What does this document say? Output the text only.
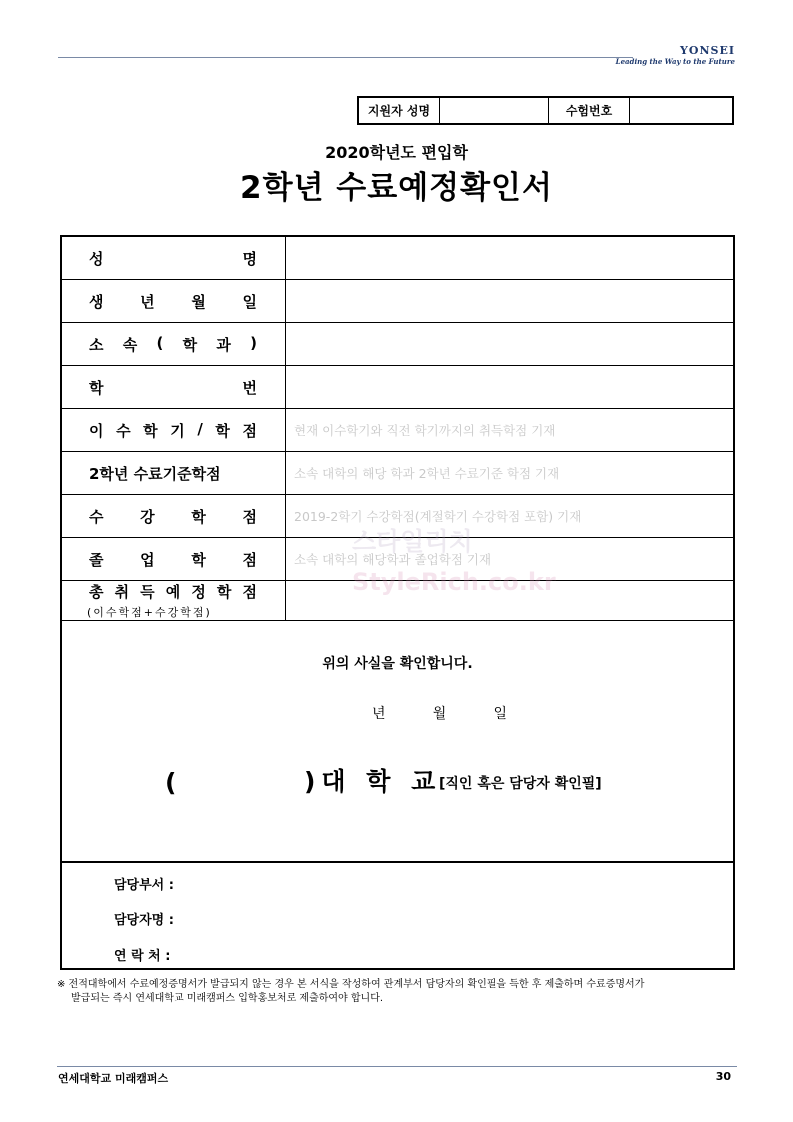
YONSEI
Leading the Way to the Future
지원자 성명	수험번호
2020학년도 편입학
2학년 수료예정확인서
성	명
생 년 월 일
소 속 ( 학 과 )
학	번
이 수 학 기 / 학 점	현재 이수학기와 직전 학기까지의 취득학점 기재
2학년 수료기준학점	소속 대학의 해당 학과 2학년 수료기준 학점 기재
수 강 학 점	2019-2학기 수강학점(계절학기 수강학점 포함) 기재
졸 업 학 점	소속 대학의 해당학과 졸업학점 기재
총 취 득 예 정 학 점
(이수학점+수강학점)
스타일리치
StyleRich.co.kr
위의 사실을 확인합니다.
년	월	일
(	)대 학 교
[직인 혹은 담당자 확인필]
담당부서 :
담당자명 :
연 락 처 :
※ 전적대학에서 수료예정증명서가 발급되지 않는 경우 본 서식을 작성하여 관계부서 담당자의 확인필을 득한 후 제출하며 수료증명서가
발급되는 즉시 연세대학교 미래캠퍼스 입학홍보처로 제출하여야 합니다.
연세대학교 미래캠퍼스	30
